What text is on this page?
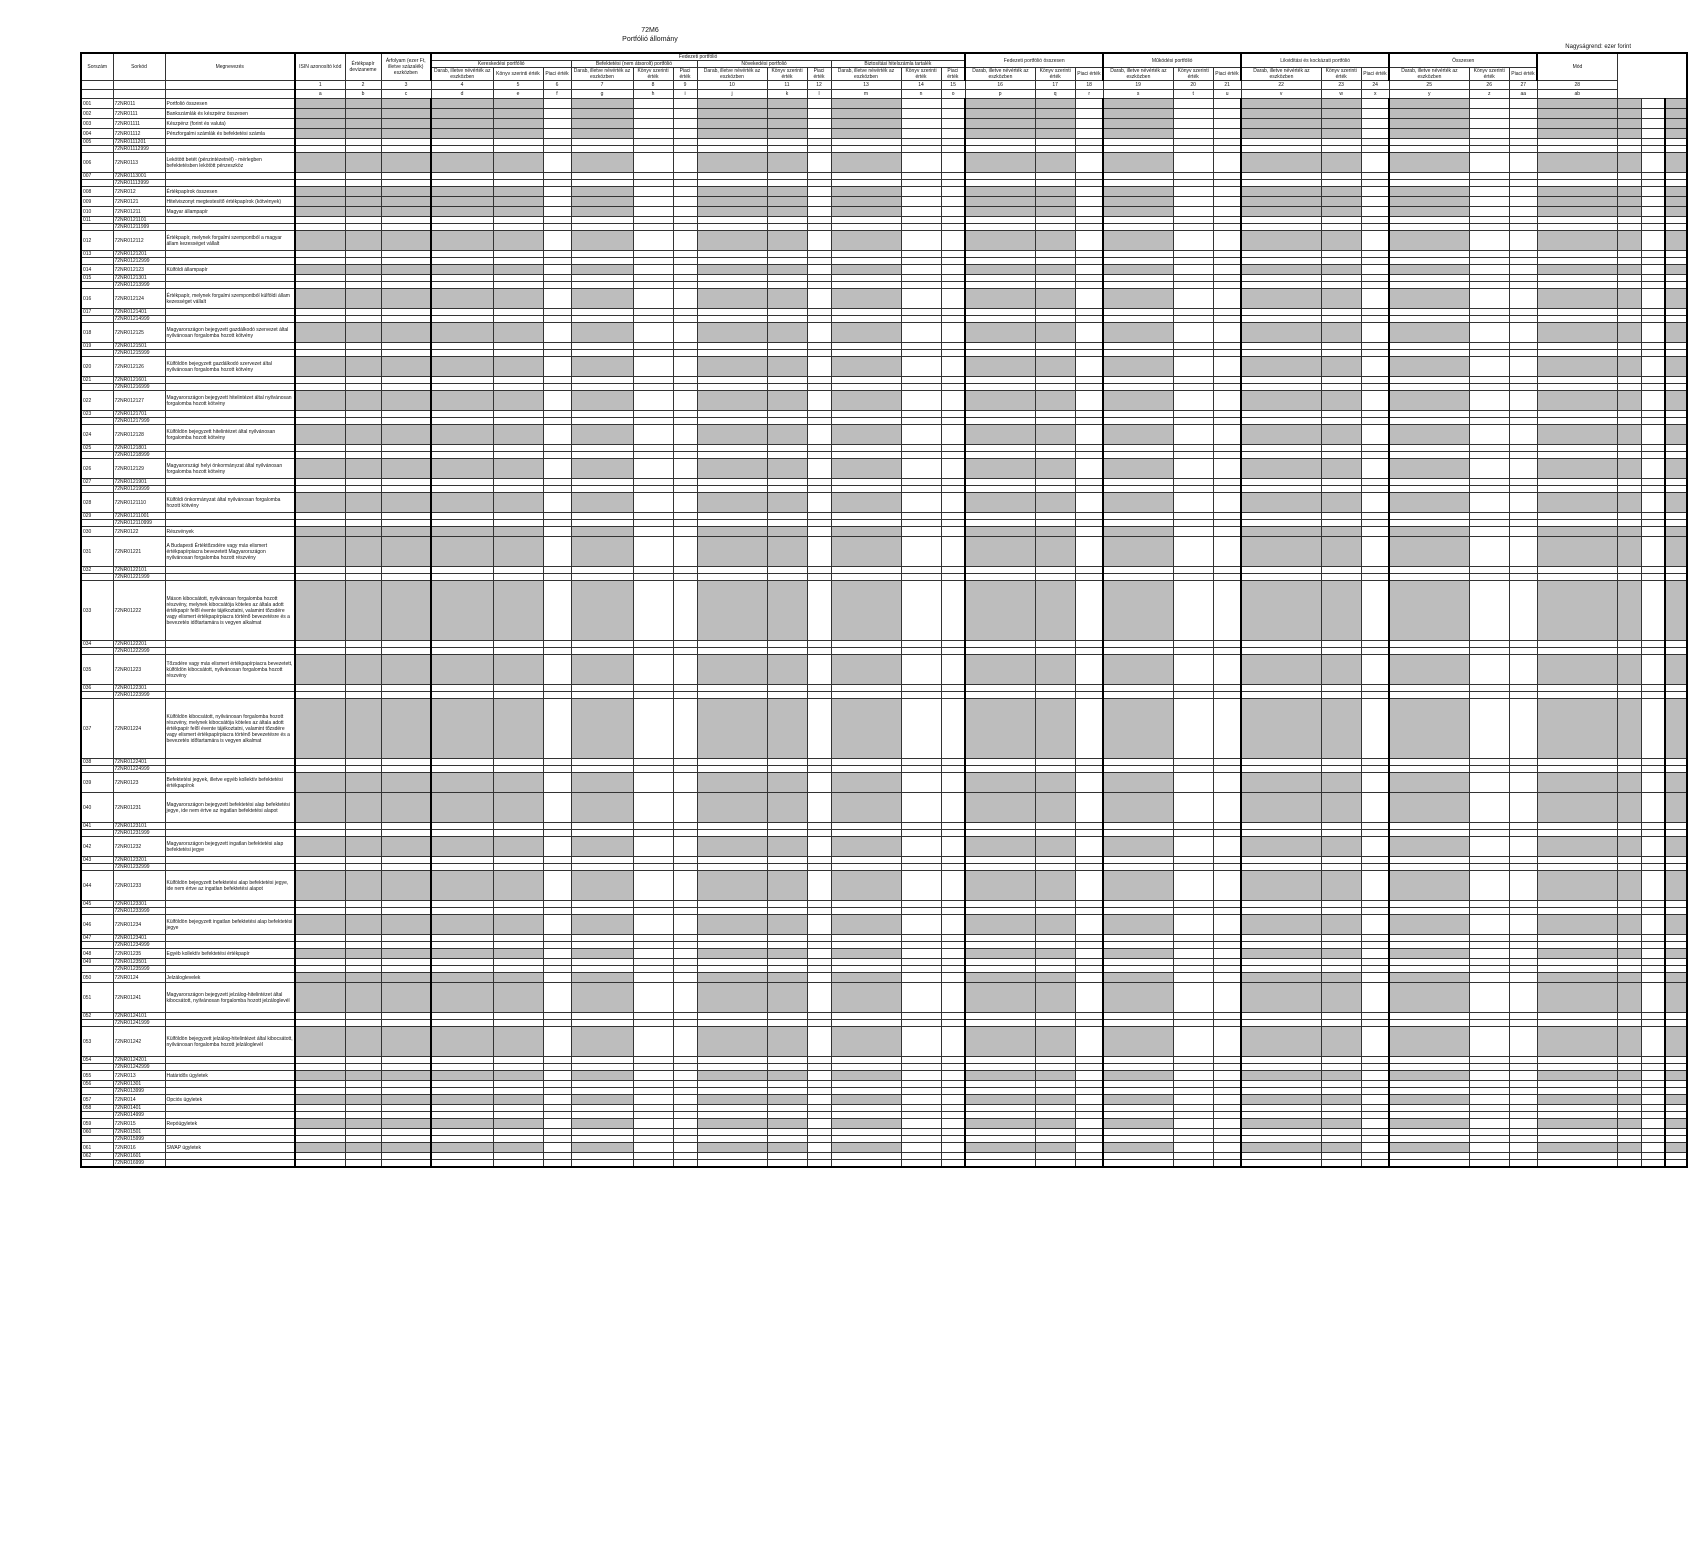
72M6
Portfólió állomány
Nagyságrend: ezer forint
Sorszám	Sorkód	Megnevezés	ISIN azonosító kód	Értékpapír devizaneme	Árfolyam (ezer Ft, illetve százalék) eszközben	Fedezeti portfólió												Fedezeti portfólió összesen			Működési portfólió			Likviditási és kockázati portfólió			Összesen			Mód			
						Kereskedési portfólió			Befektetési (nem átsorolt) portfólió			Növekedési portfolió			Biztosítási hitelszámla tartalék																		
						Darab, illetve névérték az eszközben	Könyv szerinti érték	Piaci érték	Darab, illetve névérték az eszközben	Könyv szerinti érték	Piaci érték	Darab, illetve névérték az eszközben	Könyv szerinti érték	Piaci érték	Darab, illetve névérték az eszközben	Könyv szerinti érték	Piaci érték	Darab, illetve névérték az eszközben	Könyv szerinti érték	Piaci érték	Darab, illetve névérték az eszközben	Könyv szerinti érték	Piaci érték	Darab, illetve névérték az eszközben	Könyv szerinti érték	Piaci érték	Darab, illetve névérték az eszközben	Könyv szerinti érték	Piaci érték				
			1	2	3	4	5	6	7	8	9	10	11	12	13	14	15	16	17	18	19	20	21	22	23	24	25	26	27	28			
			a	b	c	d	e	f	g	h	i	j	k	l	m	n	o	p	q	r	s	t	u	v	w	x	y	z	aa	ab			
001	72NR011	Portfolió összesen																															
002	72NR0111	Bankszámlák és készpénz összesen																															
003	72NR01111	Készpénz (forint és valuta)																															
004	72NR01112	Pénzforgalmi számlák és befektetési számla																															
005	72NR0111201																																
	72NR01112999																																
006	72NR0113	Lekötött betét (pénzintézetnél) - mérlegben befektetésben lekötött pénzeszköz																															
007	72NR0113001																																
	72NR01113999																																
008	72NR012	Értékpapírok összesen																															
009	72NR0121	Hitelviszonyt megtestesítő értékpapírok (kötvények)																															
010	72NR01211	Magyar állampapír																															
011	72NR0121101																																
	72NR01211999																																
012	72NR012112	Értékpapír, melynek forgalmi szempontból a magyar állam kezességet vállalt																															
013	72NR0121201																																
	72NR01212999																																
014	72NR012123	Külföldi állampapír																															
015	72NR0121301																																
	72NR01213999																																
016	72NR012124	Értékpapír, melynek forgalmi szempontból külföldi állam kezességet vállalt																															
017	72NR0121401																																
	72NR01214999																																
018	72NR012125	Magyarországon bejegyzett gazdálkodó szervezet által nyilvánosan forgalomba hozott kötvény																															
019	72NR0121501																																
	72NR01215999																																
020	72NR012126	Külföldön bejegyzett gazdálkodó szervezet által nyilvánosan forgalomba hozott kötvény																															
021	72NR0121601																																
	72NR01216999																																
022	72NR012127	Magyarországon bejegyzett hitelintézet által nyilvánosan forgalomba hozott kötvény																															
023	72NR0121701																																
	72NR01217999																																
024	72NR012128	Külföldön bejegyzett hitelintézet által nyilvánosan forgalomba hozott kötvény																															
025	72NR0121801																																
	72NR01218999																																
026	72NR012129	Magyarországi helyi önkormányzat által nyilvánosan forgalomba hozott kötvény																															
027	72NR0121901																																
	72NR01219999																																
028	72NR0121110	Külföldi önkormányzat által nyilvánosan forgalomba hozott kötvény																															
029	72NR01211001																																
	72NR012110999																																
030	72NR0122	Részvények																															
031	72NR01221	A Budapesti Értéktőzsdére vagy más elismert értékpapírpiacra bevezetett Magyarországon nyilvánosan forgalomba hozott részvény																															
032	72NR0122101																																
	72NR01221999																																
033	72NR01222	Máson kibocsátott, nyilvánosan forgalomba hozott részvény, melynek kibocsátója köteles az általa adott értékpapír felől évente tájékoztatni, valamint tőzsdére vagy elismert értékpapírpiacra történő bevezetésre és a bevezetés időtartamára is vegyen alkalmat																															
034	72NR0122201																																
	72NR01222999																																
035	72NR01223	Tőzsdére vagy más elismert értékpapírpiacra bevezetett, külföldön kibocsátott, nyilvánosan forgalomba hozott részvény																															
036	72NR0122301																																
	72NR01223999																																
037	72NR01224	Külföldön kibocsátott, nyilvánosan forgalomba hozott részvény, melynek kibocsátója köteles az általa adott értékpapír felől évente tájékoztatni, valamint tőzsdére vagy elismert értékpapírpiacra történő bevezetésre és a bevezetés időtartamára is vegyen alkalmat																															
038	72NR0122401																																
	72NR01224999																																
039	72NR0123	Befektetési jegyek, illetve egyéb kollektív befektetési értékpapírok																															
040	72NR01231	Magyarországon bejegyzett befektetési alap befektetési jegye, ide nem értve az ingatlan befektetési alapot																															
041	72NR0123101																																
	72NR01231999																																
042	72NR01232	Magyarországon bejegyzett ingatlan befektetési alap befektetési jegye																															
043	72NR0123201																																
	72NR01232999																																
044	72NR01233	Külföldön bejegyzett befektetési alap befektetési jegye, ide nem értve az ingatlan befektetési alapot																															
045	72NR0123301																																
	72NR01233999																																
046	72NR01234	Külföldön bejegyzett ingatlan befektetési alap befektetési jegye																															
047	72NR0123401																																
	72NR01234999																																
048	72NR01235	Egyéb kollektív befektetési értékpapír																															
049	72NR0123501																																
	72NR01235999																																
050	72NR0124	Jelzáloglevelek																															
051	72NR01241	Magyarországon bejegyzett jelzálog-hitelintézet által kibocsátott, nyilvánosan forgalomba hozott jelzáloglevél																															
052	72NR0124101																																
	72NR01241999																																
053	72NR01242	Külföldön bejegyzett jelzálog-hitelintézet által kibocsátott, nyilvánosan forgalomba hozott jelzáloglevél																															
054	72NR0124201																																
	72NR01242999																																
055	72NR013	Határidős ügyletek																															
056	72NR01301																																
	72NR013999																																
057	72NR014	Opciós ügyletek																															
058	72NR01401																																
	72NR014999																																
059	72NR015	Repóügyletek																															
060	72NR01501																																
	72NR015999																																
061	72NR016	SWAP ügyletek																															
062	72NR01601																																
	72NR016999																																
